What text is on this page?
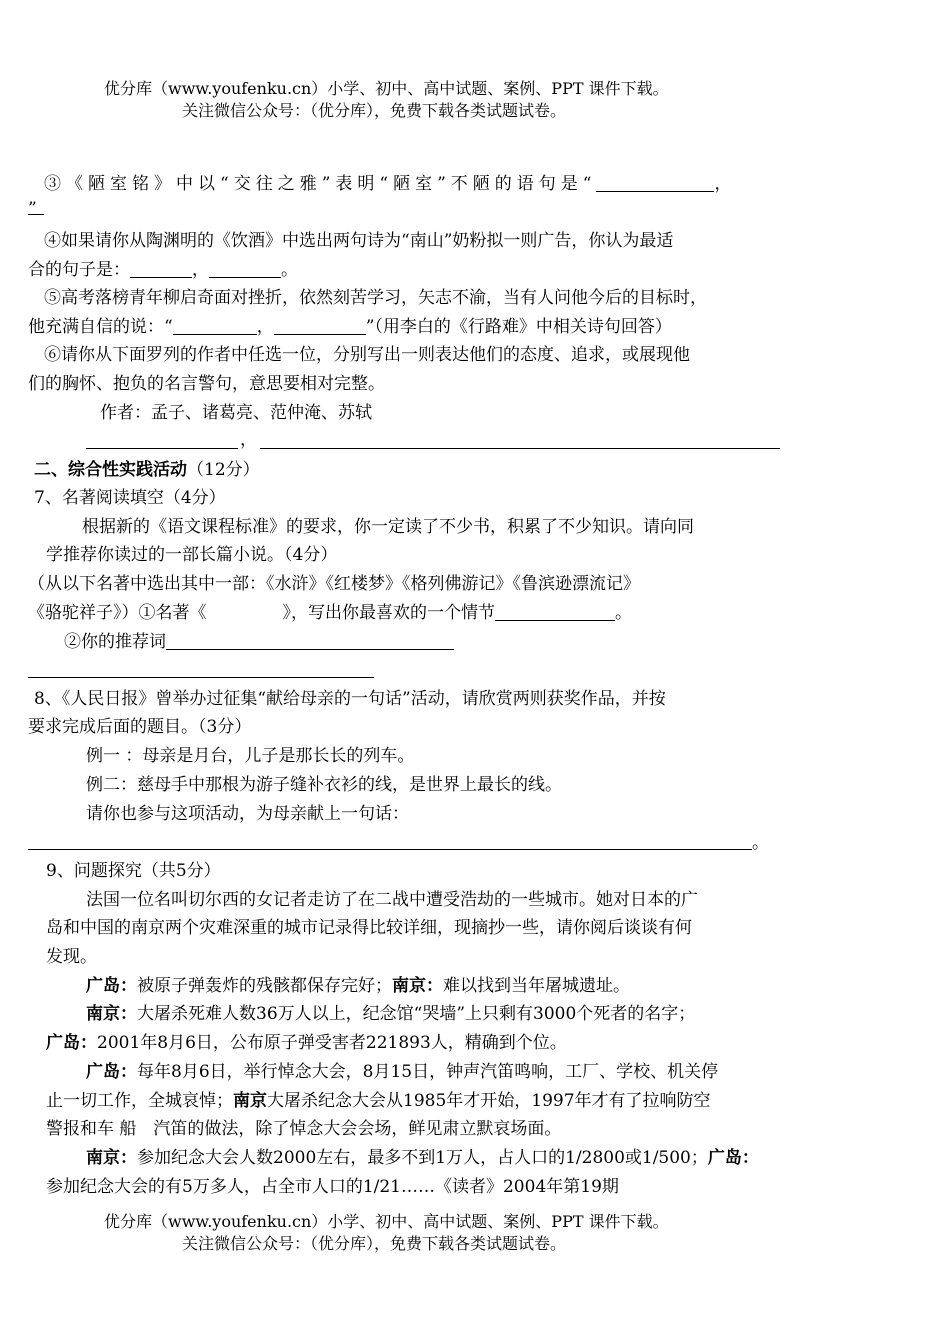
优分库（www.youfenku.cn）小学、初中、高中试题、案例、PPT 课件下载。
关注微信公众号：（优分库），免费下载各类试题试卷。
③《陋室铭》中以“交往之雅”表明“陋室”不陋的语句是“	，
”
④如果请你从陶渊明的《饮酒》中选出两句诗为“南山”奶粉拟一则广告，你认为最适
合的句子是：	，	。
⑤高考落榜青年柳启奇面对挫折，依然刻苦学习，矢志不渝，当有人问他今后的目标时，
他充满自信的说：“	，	”（用李白的《行路难》中相关诗句回答）
⑥请你从下面罗列的作者中任选一位，分别写出一则表达他们的态度、追求，或展现他
们的胸怀、抱负的名言警句，意思要相对完整。
作者：孟子、诸葛亮、范仲淹、苏轼
，
二、综合性实践活动（12分）
7、名著阅读填空（4分）
根据新的《语文课程标准》的要求，你一定读了不少书，积累了不少知识。请向同
学推荐你读过的一部长篇小说。（4分）
（从以下名著中选出其中一部：《水浒》《红楼梦》《格列佛游记》《鲁滨逊漂流记》
《骆驼祥子》）①名著《	》，写出你最喜欢的一个情节	。
②你的推荐词
8、《人民日报》曾举办过征集“献给母亲的一句话”活动，请欣赏两则获奖作品，并按
要求完成后面的题目。（3分）
例一 ：母亲是月台，儿子是那长长的列车。
例二：慈母手中那根为游子缝补衣衫的线，是世界上最长的线。
请你也参与这项活动，为母亲献上一句话：
。
9、问题探究（共5分）
法国一位名叫切尔西的女记者走访了在二战中遭受浩劫的一些城市。她对日本的广
岛和中国的南京两个灾难深重的城市记录得比较详细，现摘抄一些，请你阅后谈谈有何
发现。
广岛：被原子弹轰炸的残骸都保存完好；南京：难以找到当年屠城遗址。
南京：大屠杀死难人数36万人以上，纪念馆“哭墙”上只剩有3000个死者的名字；
广岛：2001年8月6日，公布原子弹受害者221893人，精确到个位。
广岛：每年8月6日，举行悼念大会，8月15日，钟声汽笛鸣响，工厂、学校、机关停
止一切工作，全城哀悼；南京大屠杀纪念大会从1985年才开始，1997年才有了拉响防空
警报和车 船　汽笛的做法，除了悼念大会会场，鲜见肃立默哀场面。
南京：参加纪念大会人数2000左右，最多不到1万人，占人口的1/2800或1/500；广岛：
参加纪念大会的有5万多人，占全市人口的1/21……《读者》2004年第19期
优分库（www.youfenku.cn）小学、初中、高中试题、案例、PPT 课件下载。
关注微信公众号：（优分库），免费下载各类试题试卷。
